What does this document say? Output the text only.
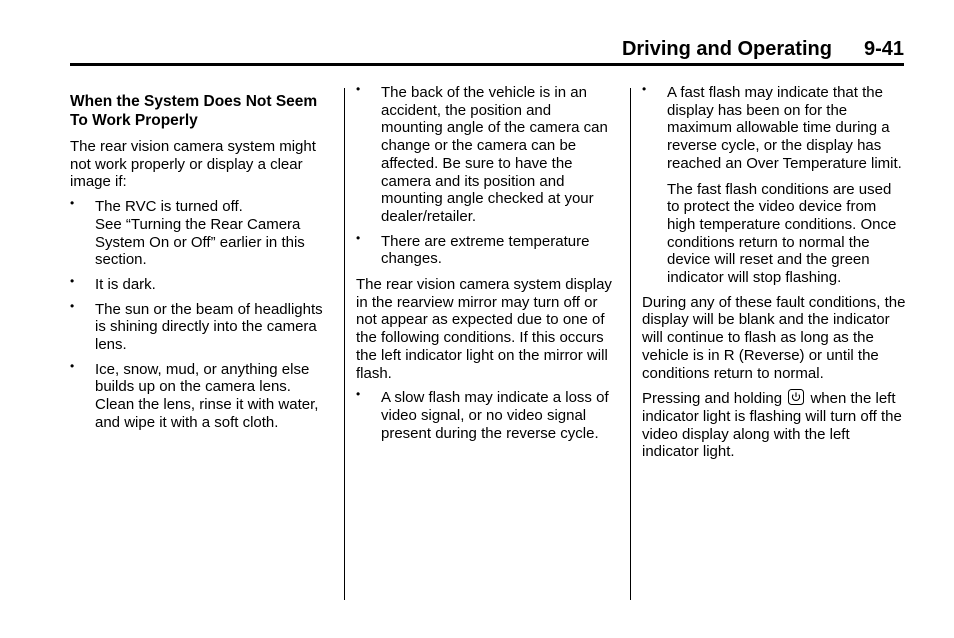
Driving and Operating 9-41
When the System Does Not Seem To Work Properly

The rear vision camera system might not work properly or display a clear image if:

• The RVC is turned off.
See “Turning the Rear Camera System On or Off” earlier in this section.
• It is dark.
• The sun or the beam of headlights is shining directly into the camera lens.
• Ice, snow, mud, or anything else builds up on the camera lens. Clean the lens, rinse it with water, and wipe it with a soft cloth.
• The back of the vehicle is in an accident, the position and mounting angle of the camera can change or the camera can be affected. Be sure to have the camera and its position and mounting angle checked at your dealer/retailer.
• There are extreme temperature changes.

The rear vision camera system display in the rearview mirror may turn off or not appear as expected due to one of the following conditions. If this occurs the left indicator light on the mirror will flash.

• A slow flash may indicate a loss of video signal, or no video signal present during the reverse cycle.
• A fast flash may indicate that the display has been on for the maximum allowable time during a reverse cycle, or the display has reached an Over Temperature limit.

The fast flash conditions are used to protect the video device from high temperature conditions. Once conditions return to normal the device will reset and the green indicator will stop flashing.

During any of these fault conditions, the display will be blank and the indicator will continue to flash as long as the vehicle is in R (Reverse) or until the conditions return to normal.

Pressing and holding when the left indicator light is flashing will turn off the video display along with the left indicator light.
